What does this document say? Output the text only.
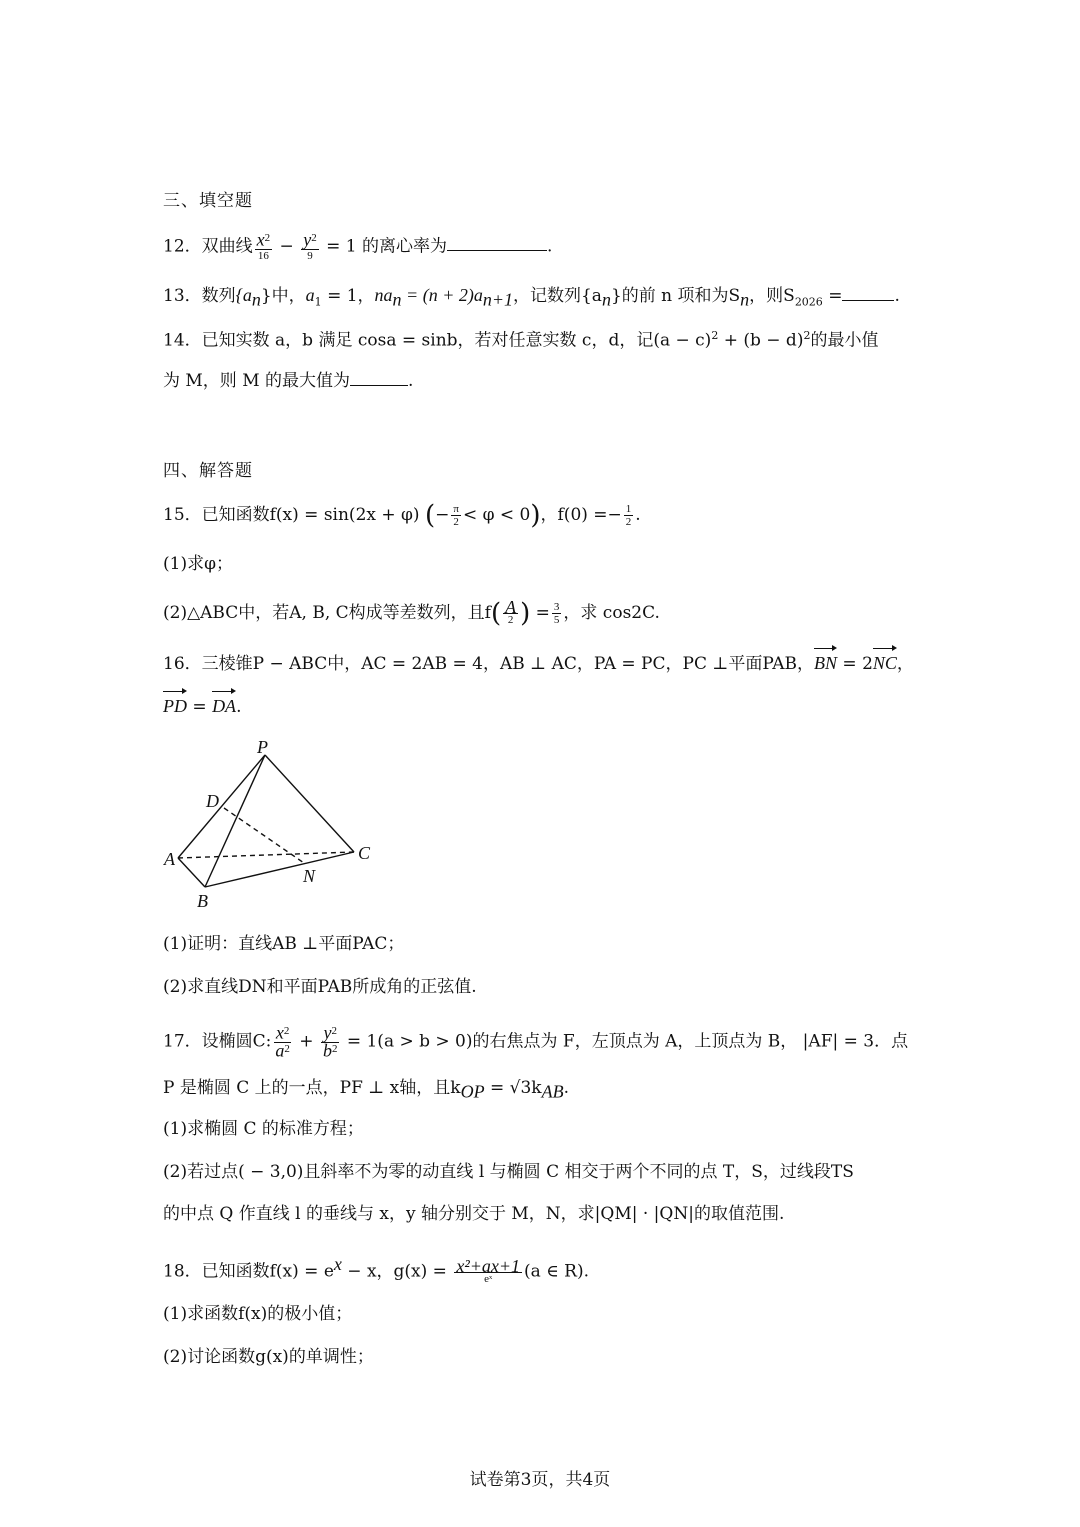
三、填空题
12．双曲线 $\frac{x^2}{16} - \frac{y^2}{9} = 1$ 的离心率为	.
13．数列$\{a_n\}$中，$a_1 = 1$，$na_n = (n + 2)a_{n+1}$，记数列$\{a_n\}$的前 n 项和为$S_n$，则$S_{2026}$ =	.
14．已知实数 a，b 满足 cosa = sinb，若对任意实数 c，d，记$(a - c)^2 + (b - d)^2$的最小值
为 M，则 M 的最大值为	.
四、解答题
15．已知函数f(x) = sin(2x + φ) (− $\frac{\pi}{2} < \varphi < 0$)，$f(0) =- \frac{1}{2}$ .
(1)求φ；
(2)△ABC中，若A, B, C构成等差数列，且$f( \frac{A}{2}$ ) = $\frac{3}{5}$ ，求 cos2C.
16．三棱锥P − ABC中，AC = 2AB = 4，AB ⊥ AC，PA = PC，PC ⊥平面PAB，BN = 2NC，
PD = DA.
P
D
A	C
N
B
(1)证明：直线AB ⊥平面PAC；
(2)求直线DN和平面PAB所成角的正弦值.
17．设椭圆C: $\frac{x^2}{a^2} + \frac{y^2}{b^2} = 1(a > b > 0)$的右焦点为 F，左顶点为 A，上顶点为 B， |AF| = 3．点
P 是椭圆 C 上的一点，PF ⊥ x轴，且$k_{OP} = √3k_{AB}$.
(1)求椭圆 C 的标准方程；
(2)若过点( − 3,0)且斜率不为零的动直线 l 与椭圆 C 相交于两个不同的点 T，S，过线段TS
的中点 Q 作直线 l 的垂线与 x，y 轴分别交于 M，N，求|QM| · |QN|的取值范围.
18．已知函数$f(x) = e^x - x$，$g(x) = \frac{\text{x²+ax+1}}{\text{eˣ}} (a$ ∈ R).
(1)求函数f(x)的极小值；
(2)讨论函数g(x)的单调性；
试卷第3页，共4页
